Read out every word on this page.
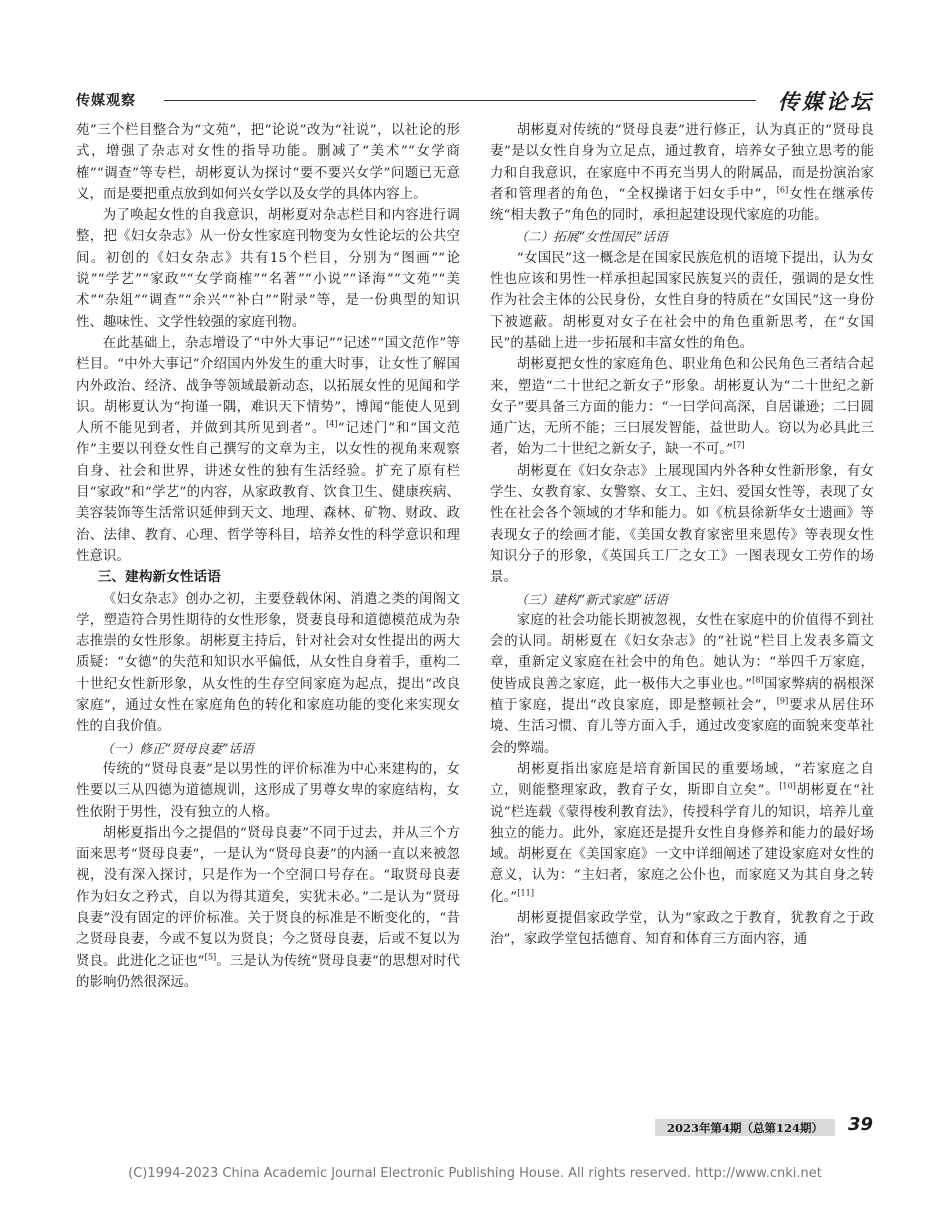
传媒观察	传媒论坛

苑”三个栏目整合为“文苑”，把“论说”改为“社说”，以社论的形式，增强了杂志对女性的指导功能。删减了“美术”“女学商榷”“调查”等专栏，胡彬夏认为探讨“要不要兴女学”问题已无意义，而是要把重点放到如何兴女学以及女学的具体内容上。

为了唤起女性的自我意识，胡彬夏对杂志栏目和内容进行调整，把《妇女杂志》从一份女性家庭刊物变为女性论坛的公共空间。初创的《妇女杂志》共有15个栏目，分别为“图画”“论说”“学艺”“家政”“女学商榷”“名著”“小说”“译海”“文苑”“美术”“杂俎”“调查”“余兴”“补白”“附录”等，是一份典型的知识性、趣味性、文学性较强的家庭刊物。

在此基础上，杂志增设了“中外大事记”“记述”“国文范作”等栏目。“中外大事记”介绍国内外发生的重大时事，让女性了解国内外政治、经济、战争等领域最新动态，以拓展女性的见闻和学识。胡彬夏认为“拘谨一隅，难识天下情势”，博闻“能使人见到人所不能见到者，并做到其所见到者”。[4]“记述门”和“国文范作”主要以刊登女性自己撰写的文章为主，以女性的视角来观察自身、社会和世界，讲述女性的独有生活经验。扩充了原有栏目“家政”和“学艺”的内容，从家政教育、饮食卫生、健康疾病、美容装饰等生活常识延伸到天文、地理、森林、矿物、财政、政治、法律、教育、心理、哲学等科目，培养女性的科学意识和理性意识。

三、建构新女性话语

《妇女杂志》创办之初，主要登载休闲、消遣之类的闺阁文学，塑造符合男性期待的女性形象，贤妻良母和道德模范成为杂志推崇的女性形象。胡彬夏主持后，针对社会对女性提出的两大质疑：“女德”的失范和知识水平偏低，从女性自身着手，重构二十世纪女性新形象，从女性的生存空间家庭为起点，提出“改良家庭”，通过女性在家庭角色的转化和家庭功能的变化来实现女性的自我价值。

（一）修正“贤母良妻”话语

传统的“贤母良妻”是以男性的评价标准为中心来建构的，女性要以三从四德为道德规训，这形成了男尊女卑的家庭结构，女性依附于男性，没有独立的人格。

胡彬夏指出今之提倡的“贤母良妻”不同于过去，并从三个方面来思考“贤母良妻”，一是认为“贤母良妻”的内涵一直以来被忽视，没有深入探讨，只是作为一个空洞口号存在。“取贤母良妻作为妇女之矜式，自以为得其道矣，实犹未必。”二是认为“贤母良妻”没有固定的评价标准。关于贤良的标准是不断变化的，“昔之贤母良妻，今或不复以为贤良；今之贤母良妻，后或不复以为贤良。此进化之证也”[5]。三是认为传统“贤母良妻”的思想对时代的影响仍然很深远。

胡彬夏对传统的“贤母良妻”进行修正，认为真正的“贤母良妻”是以女性自身为立足点，通过教育，培养女子独立思考的能力和自我意识，在家庭中不再充当男人的附属品，而是扮演治家者和管理者的角色，“全权操诸于妇女手中”，[6]女性在继承传统“相夫教子”角色的同时，承担起建设现代家庭的功能。

（二）拓展“女性国民”话语

“女国民”这一概念是在国家民族危机的语境下提出，认为女性也应该和男性一样承担起国家民族复兴的责任，强调的是女性作为社会主体的公民身份，女性自身的特质在“女国民”这一身份下被遮蔽。胡彬夏对女子在社会中的角色重新思考，在“女国民”的基础上进一步拓展和丰富女性的角色。

胡彬夏把女性的家庭角色、职业角色和公民角色三者结合起来，塑造“二十世纪之新女子”形象。胡彬夏认为“二十世纪之新女子”要具备三方面的能力：“一曰学问高深，自居谦逊；二曰圆通广达，无所不能；三曰展发智能，益世助人。窃以为必具此三者，始为二十世纪之新女子，缺一不可。”[7]

胡彬夏在《妇女杂志》上展现国内外各种女性新形象，有女学生、女教育家、女警察、女工、主妇、爱国女性等，表现了女性在社会各个领域的才华和能力。如《杭县徐新华女士遗画》等表现女子的绘画才能，《美国女教育家密里来恩传》等表现女性知识分子的形象，《英国兵工厂之女工》一图表现女工劳作的场景。

（三）建构“新式家庭”话语

家庭的社会功能长期被忽视，女性在家庭中的价值得不到社会的认同。胡彬夏在《妇女杂志》的“社说”栏目上发表多篇文章，重新定义家庭在社会中的角色。她认为：“举四千万家庭，使皆成良善之家庭，此一极伟大之事业也。”[8]国家弊病的祸根深植于家庭，提出“改良家庭，即是整顿社会”，[9]要求从居住环境、生活习惯、育儿等方面入手，通过改变家庭的面貌来变革社会的弊端。

胡彬夏指出家庭是培育新国民的重要场域，“若家庭之自立，则能整理家政，教育子女，斯即自立矣”。[10]胡彬夏在“社说”栏连载《蒙得梭利教育法》，传授科学育儿的知识，培养儿童独立的能力。此外，家庭还是提升女性自身修养和能力的最好场域。胡彬夏在《美国家庭》一文中详细阐述了建设家庭对女性的意义，认为：“主妇者，家庭之公仆也，而家庭又为其自身之转化。”[11]

胡彬夏提倡家政学堂，认为“家政之于教育，犹教育之于政治”，家政学堂包括德育、知育和体育三方面内容，通

2023年第4期（总第124期）	39
(C)1994-2023 China Academic Journal Electronic Publishing House. All rights reserved. http://www.cnki.net
